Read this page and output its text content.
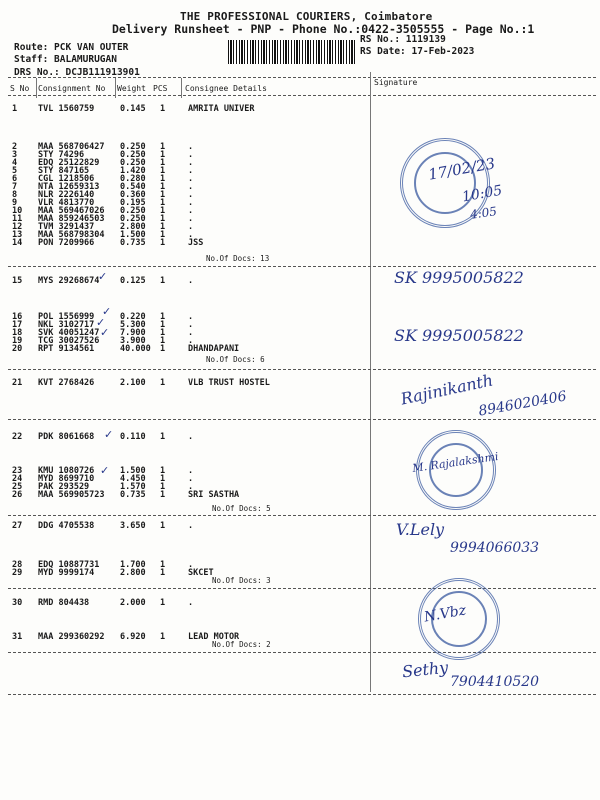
THE PROFESSIONAL COURIERS, Coimbatore
Delivery Runsheet - PNP - Phone No.:0422-3505555 - Page No.:1
Route: PCK VAN OUTER
Staff: BALAMURUGAN
DRS No.: DCJB111913901
RS No.: 1119139
RS Date: 17-Feb-2023
S No Consignment No Weight PCS Consignee Details
Signature
1 TVL 1560759	0.145 1	AMRITA UNIVER
2 MAA 568706427 0.250 1	.
3 STY 74296	0.250 1	.
4 EDQ 25122829 0.250 1	.
5 STY 847165	1.420 1	.
6 CGL 1218506	0.280 1	.
7 NTA 12659313 0.540 1	.
8 NLR 2226140	0.360 1	.
9 VLR 4813770	0.195 1	.
10 MAA 569467026 0.250 1	.
11 MAA 859246503 0.250 1	.
12 TVM 3291437	2.800 1	.
13 MAA 568798304 1.500 1	.
14 PON 7209966	0.735 1	JSS
15 MYS 29268674 0.125 1	.
16 POL 1556999	0.220 1	.
17 NKL 3102717	5.300 1	.
18 SVK 40051247 7.900 1	.
19 TCG 30027526 3.900 1	.
20 RPT 9134561	40.000 1	DHANDAPANI
21 KVT 2768426	2.100 1	VLB TRUST HOSTEL
22 PDK 8061668	0.110 1	.
23 KMU 1080726	1.500 1	.
24 MYD 8699710	4.450 1	.
25 PAK 293529	1.570 1	.
26 MAA 569905723 0.735 1	SRI SASTHA
27 DDG 4705538	3.650 1	.
28 EDQ 10887731 1.700 1	.
29 MYD 9999174	2.800 1	SKCET
30 RMD 804438	2.000 1	.
31 MAA 299360292 6.920 1	LEAD MOTOR
No.Of Docs: 13
No.Of Docs: 6
No.Of Docs: 5
No.Of Docs: 3
No.Of Docs: 2
✓
✓
✓
✓
✓
✓
17/02/23
10:05
4:05
SK 9995005822
SK 9995005822
Rajinikanth
8946020406
M. Rajalakshmi
V.Lely
9994066033
N.Vbz
Sethy
7904410520
